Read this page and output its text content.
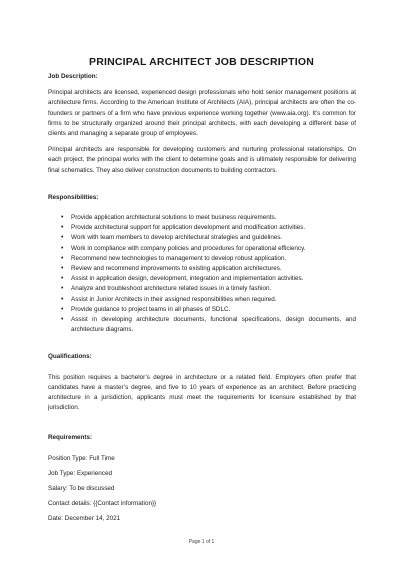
PRINCIPAL ARCHITECT JOB DESCRIPTION

Job Description:

Principal architects are licensed, experienced design professionals who hold senior management positions at architecture firms. According to the American Institute of Architects (AIA), principal architects are often the co-founders or partners of a firm who have previous experience working together (www.aia.org). It’s common for firms to be structurally organized around their principal architects, with each developing a different base of clients and managing a separate group of employees.

Principal architects are responsible for developing customers and nurturing professional relationships. On each project, the principal works with the client to determine goals and is ultimately responsible for delivering final schematics. They also deliver construction documents to building contractors.

Responsibilities:

• Provide application architectural solutions to meet business requirements.
• Provide architectural support for application development and modification activities.
• Work with team members to develop architectural strategies and guidelines.
• Work in compliance with company policies and procedures for operational efficiency.
• Recommend new technologies to management to develop robust application.
• Review and recommend improvements to existing application architectures.
• Assist in application design, development, integration and implementation activities.
• Analyze and troubleshoot architecture related issues in a timely fashion.
• Assist in Junior Architects in their assigned responsibilities when required.
• Provide guidance to project teams in all phases of SDLC.
• Assist in developing architecture documents, functional specifications, design documents, and architecture diagrams.

Qualifications:

This position requires a bachelor’s degree in architecture or a related field. Employers often prefer that candidates have a master’s degree, and five to 10 years of experience as an architect. Before practicing architecture in a jurisdiction, applicants must meet the requirements for licensure established by that jurisdiction.

Requirements:

Position Type: Full Time

Job Type: Experienced

Salary: To be discussed

Contact details: {{Contact information}}

Date: December 14, 2021

Page 1 of 1
